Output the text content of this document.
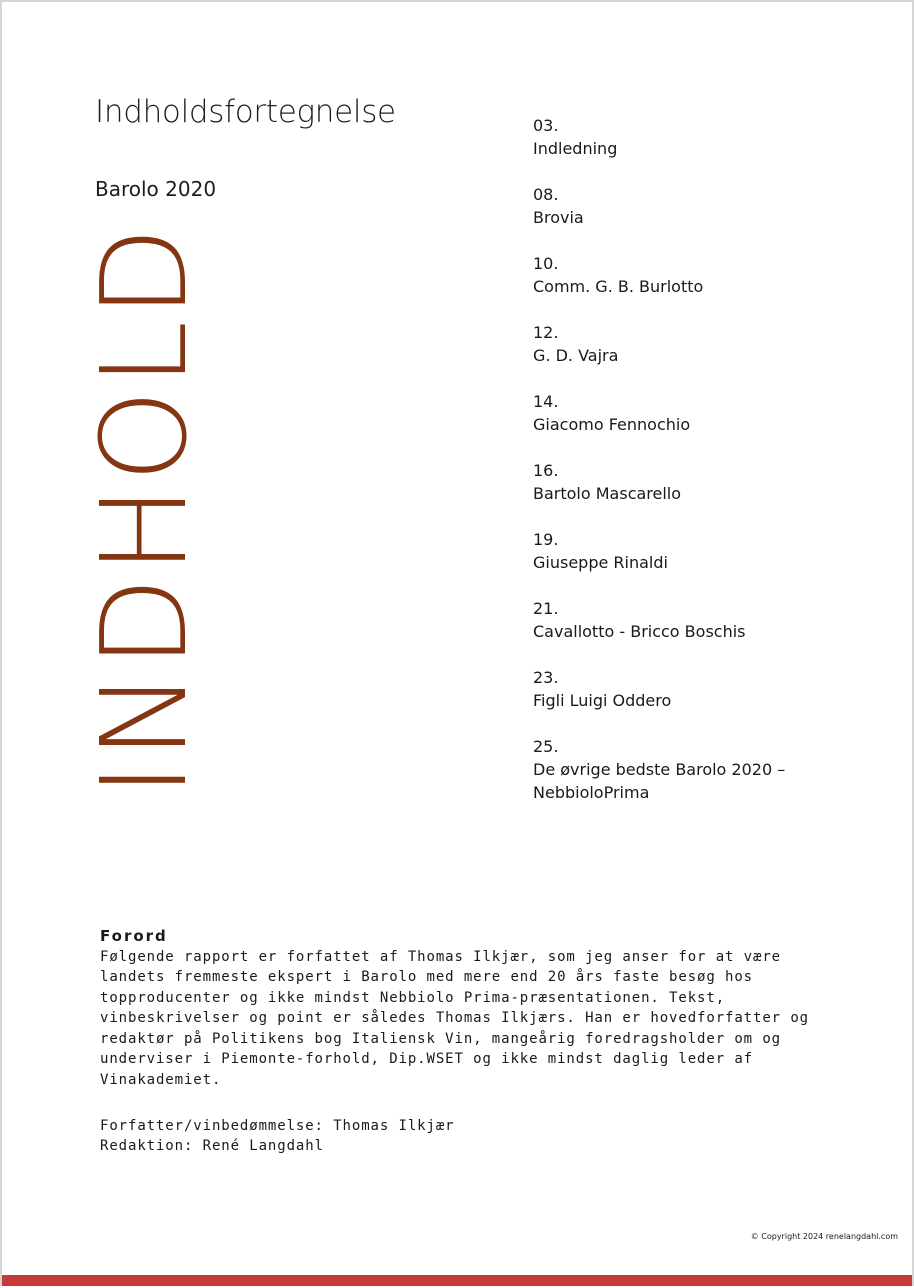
Indholdsfortegnelse
Barolo 2020
INDHOLD
03.
Indledning
08.
Brovia
10.
Comm. G. B. Burlotto
12.
G. D. Vajra
14.
Giacomo Fennochio
16.
Bartolo Mascarello
19.
Giuseppe Rinaldi
21.
Cavallotto - Bricco Boschis
23.
Figli Luigi Oddero
25.
De øvrige bedste Barolo 2020 – NebbioloPrima

Forord

Følgende rapport er forfattet af Thomas Ilkjær, som jeg anser for at være landets fremmeste ekspert i Barolo med mere end 20 års faste besøg hos topproducenter og ikke mindst Nebbiolo Prima-præsentationen. Tekst, vinbeskrivelser og point er således Thomas Ilkjærs. Han er hovedforfatter og redaktør på Politikens bog Italiensk Vin, mangeårig foredragsholder om og underviser i Piemonte-forhold, Dip.WSET og ikke mindst daglig leder af Vinakademiet.

Forfatter/vinbedømmelse: Thomas Ilkjær
Redaktion: René Langdahl
© Copyright 2024 renelangdahl.com
